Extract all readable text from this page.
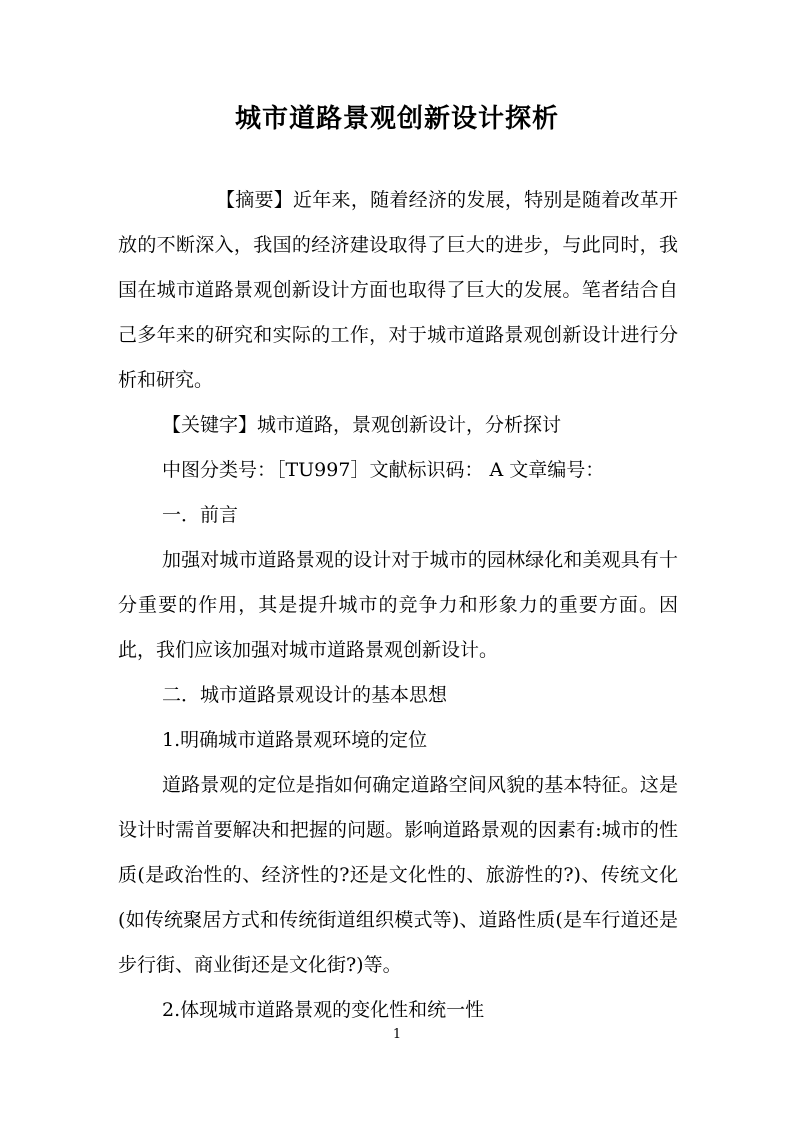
城市道路景观创新设计探析

【摘要】近年来，随着经济的发展，特别是随着改革开放的不断深入，我国的经济建设取得了巨大的进步，与此同时，我国在城市道路景观创新设计方面也取得了巨大的发展。笔者结合自己多年来的研究和实际的工作，对于城市道路景观创新设计进行分析和研究。

【关键字】城市道路，景观创新设计，分析探讨

中图分类号：［TU997］文献标识码： A 文章编号：

一．前言

加强对城市道路景观的设计对于城市的园林绿化和美观具有十分重要的作用，其是提升城市的竞争力和形象力的重要方面。因此，我们应该加强对城市道路景观创新设计。

二．城市道路景观设计的基本思想

1.明确城市道路景观环境的定位

道路景观的定位是指如何确定道路空间风貌的基本特征。这是设计时需首要解决和把握的问题。影响道路景观的因素有:城市的性质(是政治性的、经济性的?还是文化性的、旅游性的?)、传统文化(如传统聚居方式和传统街道组织模式等)、道路性质(是车行道还是步行街、商业街还是文化街?)等。

2.体现城市道路景观的变化性和统一性

1
